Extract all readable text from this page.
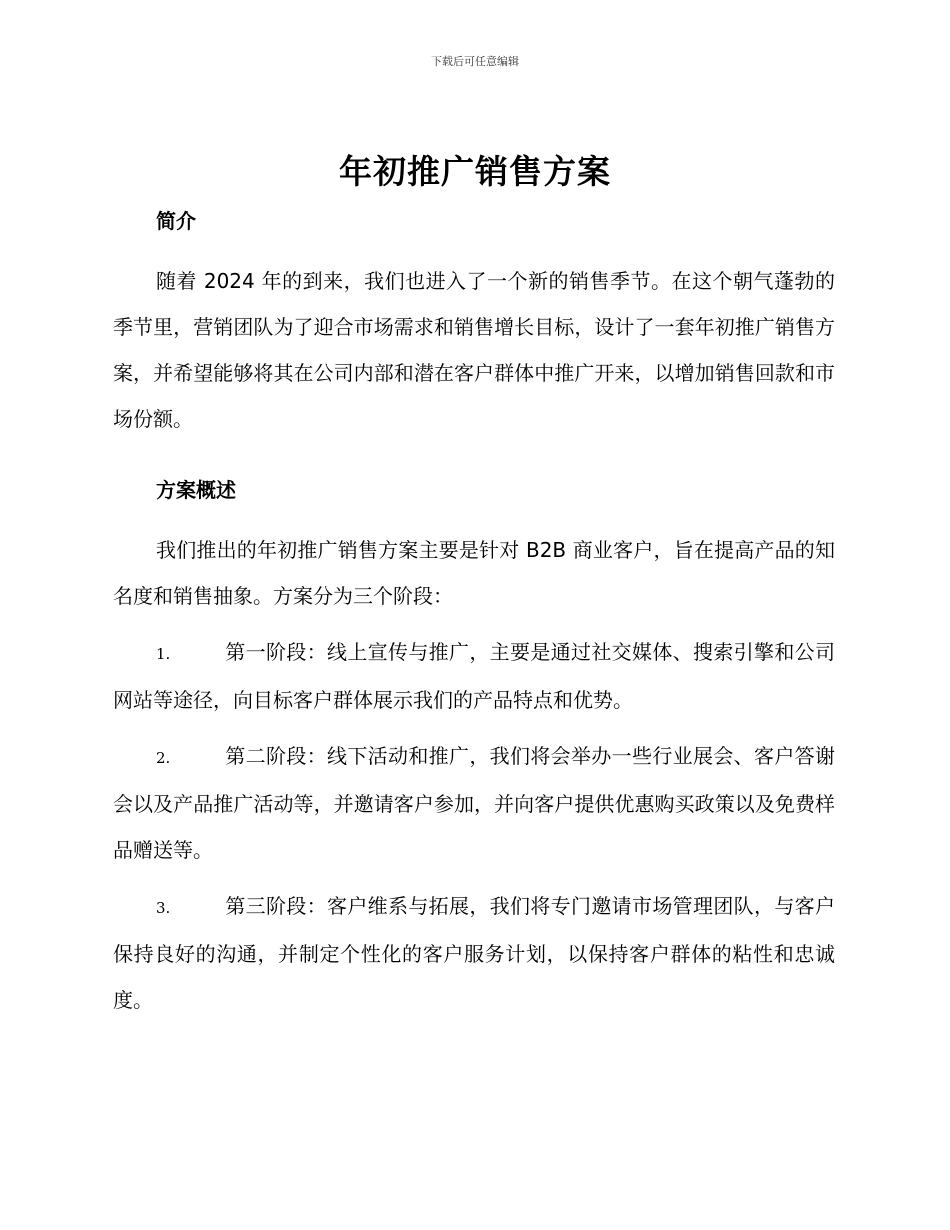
下载后可任意编辑
年初推广销售方案
简介

随着 2024 年的到来，我们也进入了一个新的销售季节。在这个朝气蓬勃的季节里，营销团队为了迎合市场需求和销售增长目标，设计了一套年初推广销售方案，并希望能够将其在公司内部和潜在客户群体中推广开来，以增加销售回款和市场份额。

方案概述

我们推出的年初推广销售方案主要是针对 B2B 商业客户，旨在提高产品的知名度和销售抽象。方案分为三个阶段：

1.	第一阶段：线上宣传与推广，主要是通过社交媒体、搜索引擎和公司网站等途径，向目标客户群体展示我们的产品特点和优势。
2.	第二阶段：线下活动和推广，我们将会举办一些行业展会、客户答谢会以及产品推广活动等，并邀请客户参加，并向客户提供优惠购买政策以及免费样品赠送等。
3.	第三阶段：客户维系与拓展，我们将专门邀请市场管理团队，与客户保持良好的沟通，并制定个性化的客户服务计划，以保持客户群体的粘性和忠诚度。
